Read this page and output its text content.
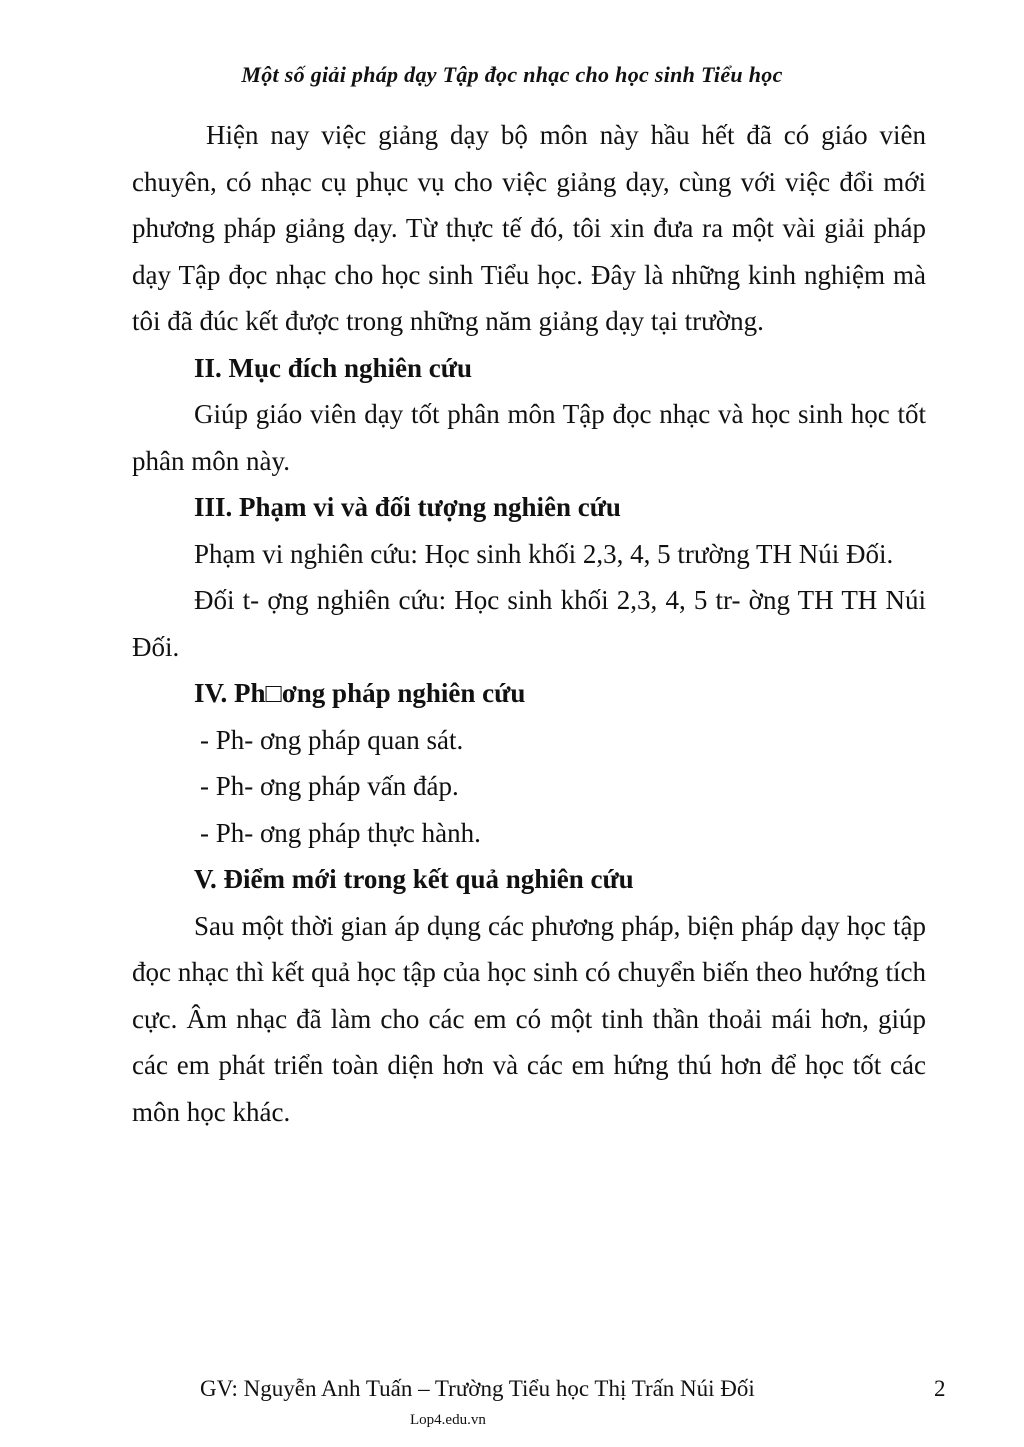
Một số giải pháp dạy Tập đọc nhạc cho học sinh Tiểu học

Hiện nay việc giảng dạy bộ môn này hầu hết đã có giáo viên chuyên, có nhạc cụ phục vụ cho việc giảng dạy, cùng với việc đổi mới phương pháp giảng dạy. Từ thực tế đó, tôi xin đưa ra một vài giải pháp dạy Tập đọc nhạc cho học sinh Tiểu học. Đây là những kinh nghiệm mà tôi đã đúc kết được trong những năm giảng dạy tại trường.

II. Mục đích nghiên cứu

Giúp giáo viên dạy tốt phân môn Tập đọc nhạc và học sinh học tốt phân môn này.

III. Phạm vi và đối tượng nghiên cứu

Phạm vi nghiên cứu: Học sinh khối 2,3, 4, 5 trường TH Núi Đối.

Đối t- ợng nghiên cứu: Học sinh khối 2,3, 4, 5 tr- ờng TH TH Núi Đối.

IV. Ph□ơng pháp nghiên cứu

- Ph- ơng pháp quan sát.

- Ph- ơng pháp vấn đáp.

- Ph- ơng pháp thực hành.

V. Điểm mới trong kết quả nghiên cứu

Sau một thời gian áp dụng các phương pháp, biện pháp dạy học tập đọc nhạc thì kết quả học tập của học sinh có chuyển biến theo hướng tích cực. Âm nhạc đã làm cho các em có một tinh thần thoải mái hơn, giúp các em phát triển toàn diện hơn và các em hứng thú hơn để học tốt các môn học khác.

GV: Nguyễn Anh Tuấn – Trường Tiểu học Thị Trấn Núi Đối	2
Lop4.edu.vn
